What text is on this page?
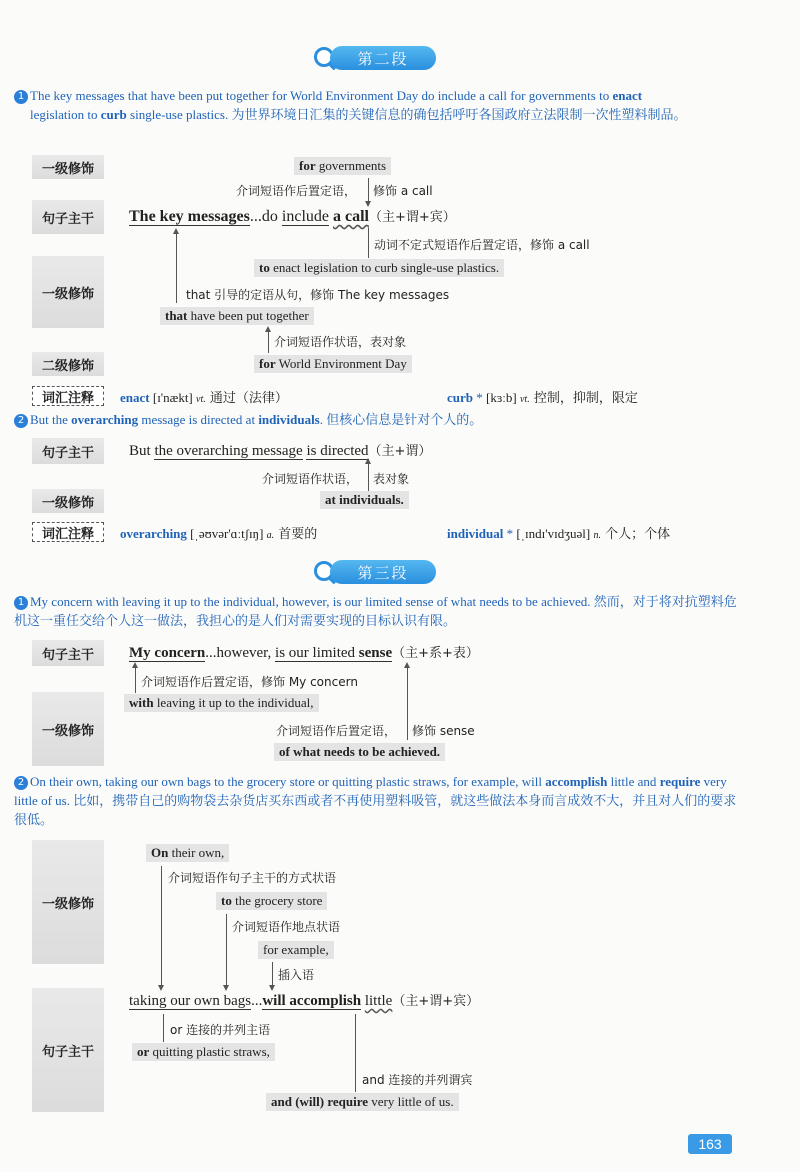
第二段
1 The key messages that have been put together for World Environment Day do include a call for governments to enact
legislation to curb single-use plastics. 为世界环境日汇集的关键信息的确包括呼吁各国政府立法限制一次性塑料制品。
一级修饰
句子主干
一级修饰
二级修饰
for governments
介词短语作后置定语， 修饰 a call
The key messages...do include a call（主+谓+宾）
动词不定式短语作后置定语，修饰 a call
to enact legislation to curb single-use plastics.
that 引导的定语从句，修饰 The key messages
that have been put together
介词短语作状语，表对象
for World Environment Day
词汇注释 enact [ɪ'nækt] vt. 通过（法律）	curb * [kɜːb] vt. 控制，抑制，限定
2 But the overarching message is directed at individuals. 但核心信息是针对个人的。
句子主干
一级修饰
But the overarching message is directed（主+谓）
介词短语作状语， 表对象
at individuals.
词汇注释 overarching [ˌəʊvər'ɑːtʃɪŋ] a. 首要的	individual * [ˌɪndɪ'vɪdʒuəl] n. 个人；个体
第三段
1 My concern with leaving it up to the individual, however, is our limited sense of what needs to be achieved. 然而，对于将对抗塑料危机这一重任交给个人这一做法，我担心的是人们对需要实现的目标认识有限。
句子主干
一级修饰
My concern...however, is our limited sense（主+系+表）
介词短语作后置定语，修饰 My concern
with leaving it up to the individual,
介词短语作后置定语， 修饰 sense
of what needs to be achieved.
2 On their own, taking our own bags to the grocery store or quitting plastic straws, for example, will accomplish little and require very little of us. 比如，携带自己的购物袋去杂货店买东西或者不再使用塑料吸管，就这些做法本身而言成效不大，并且对人们的要求很低。
一级修饰
句子主干
On their own,
介词短语作句子主干的方式状语
to the grocery store
介词短语作地点状语
for example,
插入语
taking our own bags...will accomplish little（主+谓+宾）
or 连接的并列主语
or quitting plastic straws,
and 连接的并列谓宾
and (will) require very little of us.
163
